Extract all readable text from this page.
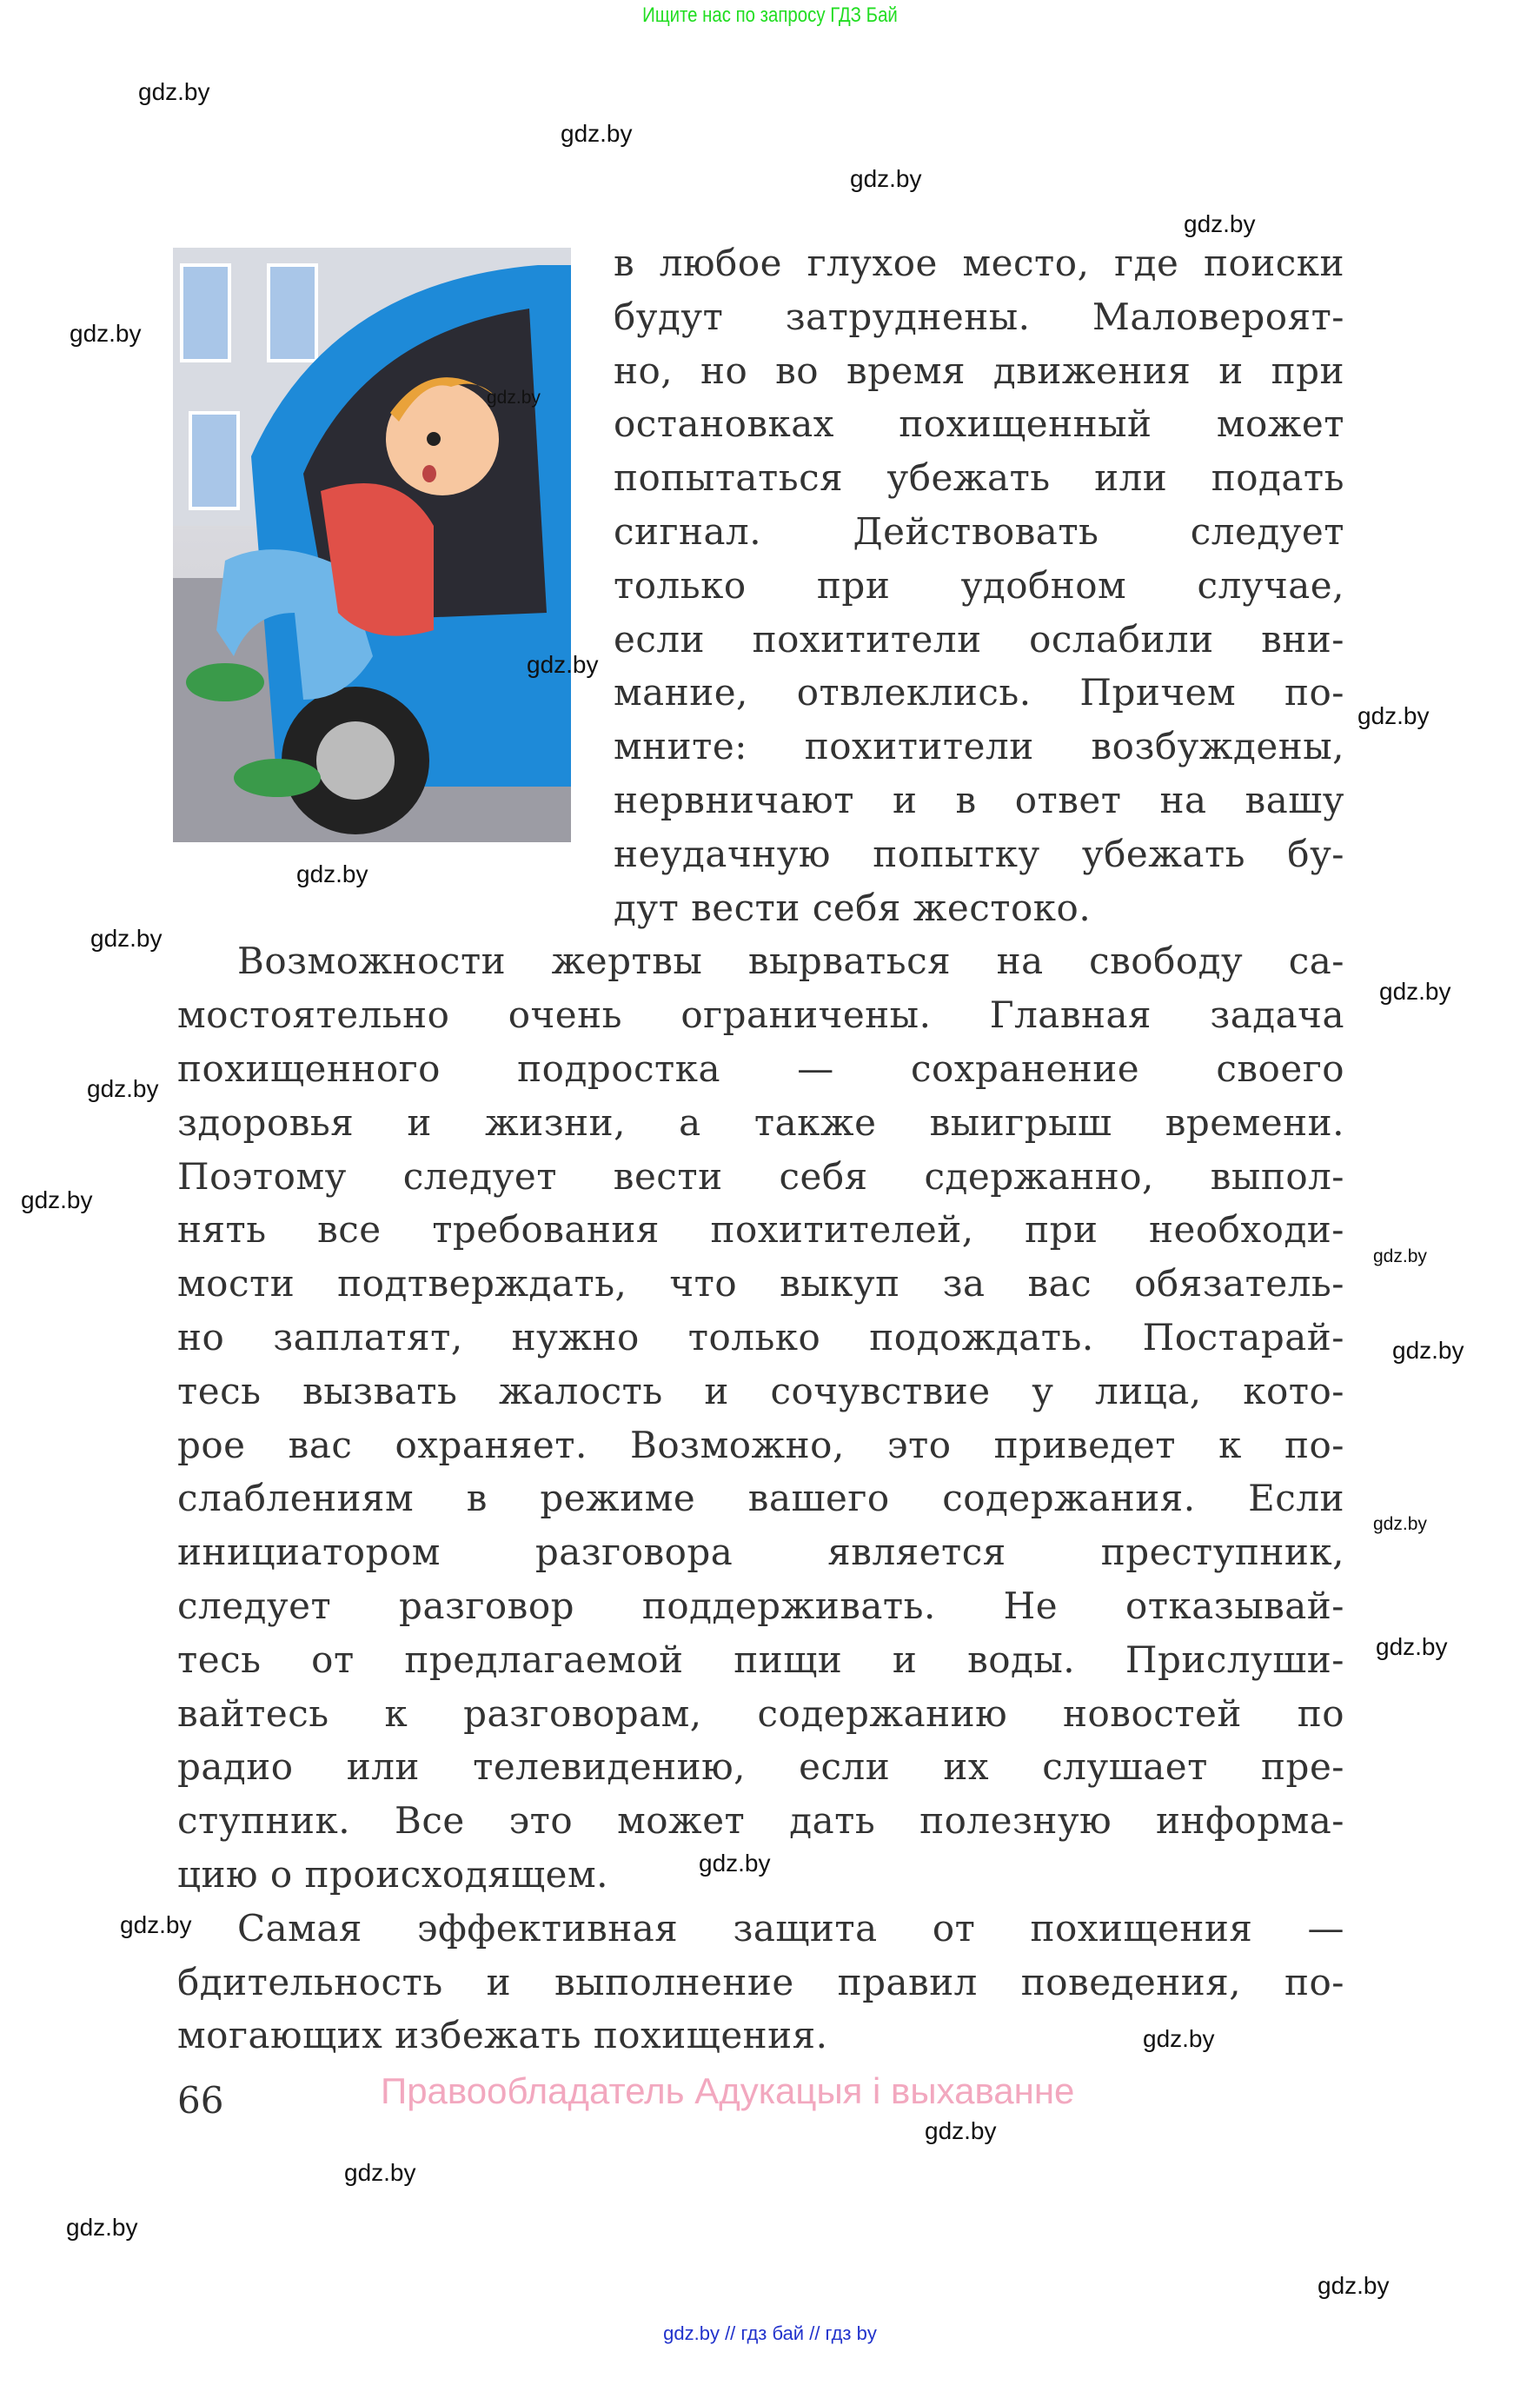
Ищите нас по запросу ГДЗ Бай
в любое глухое место, где поиски
будут затруднены. Маловероят-
но, но во время движения и при
остановках похищенный может
попытаться убежать или подать
сигнал. Действовать следует
только при удобном случае,
если похитители ослабили вни-
мание, отвлеклись. Причем по-
мните: похитители возбуждены,
нервничают и в ответ на вашу
неудачную попытку убежать бу-
дут вести себя жестоко.
Возможности жертвы вырваться на свободу са-
мостоятельно очень ограничены. Главная задача
похищенного подростка — сохранение своего
здоровья и жизни, а также выигрыш времени.
Поэтому следует вести себя сдержанно, выпол-
нять все требования похитителей, при необходи-
мости подтверждать, что выкуп за вас обязатель-
но заплатят, нужно только подождать. Постарай-
тесь вызвать жалость и сочувствие у лица, кото-
рое вас охраняет. Возможно, это приведет к по-
слаблениям в режиме вашего содержания. Если
инициатором разговора является преступник,
следует разговор поддерживать. Не отказывай-
тесь от предлагаемой пищи и воды. Прислуши-
вайтесь к разговорам, содержанию новостей по
радио или телевидению, если их слушает пре-
ступник. Все это может дать полезную информа-
цию о происходящем.
Самая эффективная защита от похищения —
бдительность и выполнение правил поведения, по-
могающих избежать похищения.
66	Правообладатель Адукацыя і выхаванне
gdz.by
gdz.by
gdz.by
gdz.by
gdz.by
gdz.by
gdz.by
gdz.by
gdz.by
gdz.by
gdz.by
gdz.by
gdz.by
gdz.by
gdz.by
gdz.by
gdz.by
gdz.by
gdz.by
gdz.by
gdz.by
gdz.by
gdz.by
gdz.by
gdz.by // гдз бай // гдз by
